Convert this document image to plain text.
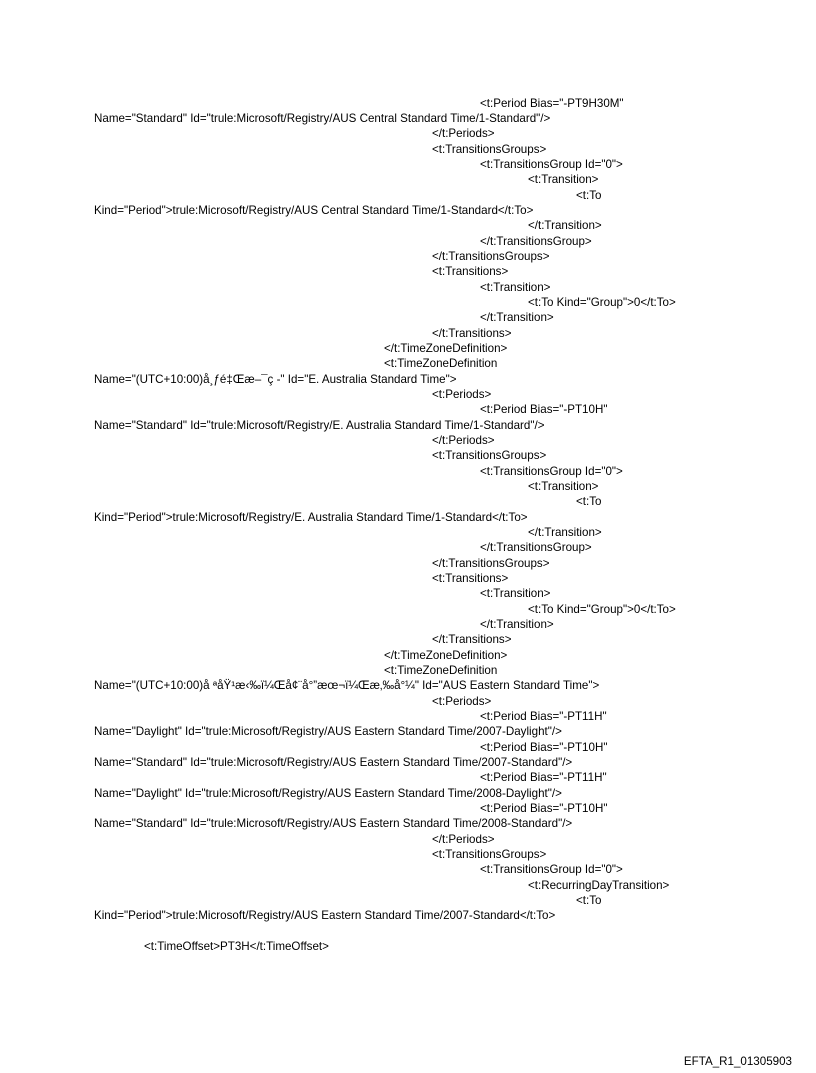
<t:Period Bias="-PT9H30M"
Name="Standard" Id="trule:Microsoft/Registry/AUS Central Standard Time/1-Standard"/>
</t:Periods>
<t:TransitionsGroups>
<t:TransitionsGroup Id="0">
<t:Transition>
<t:To
Kind="Period">trule:Microsoft/Registry/AUS Central Standard Time/1-Standard</t:To>
</t:Transition>
</t:TransitionsGroup>
</t:TransitionsGroups>
<t:Transitions>
<t:Transition>
<t:To Kind="Group">0</t:To>
</t:Transition>
</t:Transitions>
</t:TimeZoneDefinition>
<t:TimeZoneDefinition
Name="(UTC+10:00)å¸ƒé‡Œæ–¯ç -" Id="E. Australia Standard Time">
<t:Periods>
<t:Period Bias="-PT10H"
Name="Standard" Id="trule:Microsoft/Registry/E. Australia Standard Time/1-Standard"/>
</t:Periods>
<t:TransitionsGroups>
<t:TransitionsGroup Id="0">
<t:Transition>
<t:To
Kind="Period">trule:Microsoft/Registry/E. Australia Standard Time/1-Standard</t:To>
</t:Transition>
</t:TransitionsGroup>
</t:TransitionsGroups>
<t:Transitions>
<t:Transition>
<t:To Kind="Group">0</t:To>
</t:Transition>
</t:Transitions>
</t:TimeZoneDefinition>
<t:TimeZoneDefinition
Name="(UTC+10:00)å ªåŸ¹æ‹‰ï¼Œå¢¨å°”æœ¬ï¼Œæ‚‰å°¼" Id="AUS Eastern Standard Time">
<t:Periods>
<t:Period Bias="-PT11H"
Name="Daylight" Id="trule:Microsoft/Registry/AUS Eastern Standard Time/2007-Daylight"/>
<t:Period Bias="-PT10H"
Name="Standard" Id="trule:Microsoft/Registry/AUS Eastern Standard Time/2007-Standard"/>
<t:Period Bias="-PT11H"
Name="Daylight" Id="trule:Microsoft/Registry/AUS Eastern Standard Time/2008-Daylight"/>
<t:Period Bias="-PT10H"
Name="Standard" Id="trule:Microsoft/Registry/AUS Eastern Standard Time/2008-Standard"/>
</t:Periods>
<t:TransitionsGroups>
<t:TransitionsGroup Id="0">
<t:RecurringDayTransition>
<t:To
Kind="Period">trule:Microsoft/Registry/AUS Eastern Standard Time/2007-Standard</t:To>
<t:TimeOffset>PT3H</t:TimeOffset>
EFTA_R1_01305903
